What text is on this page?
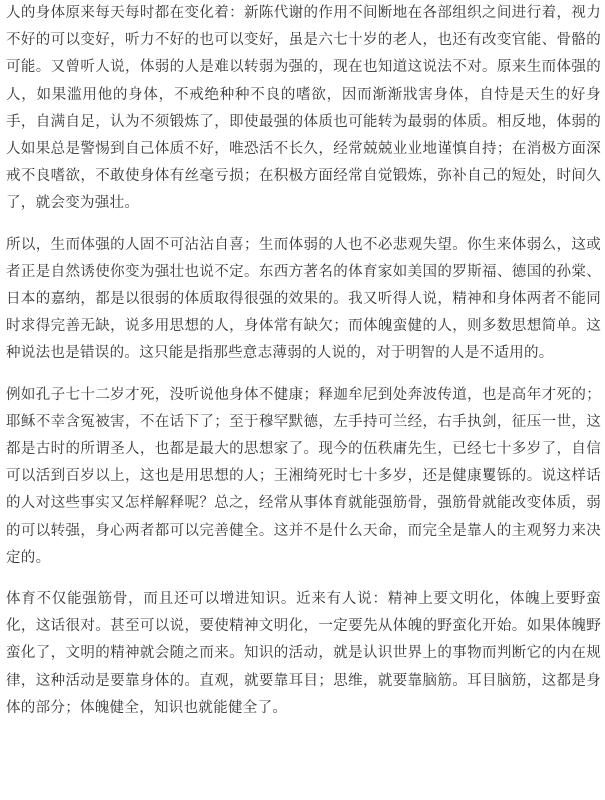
人的身体原来每天每时都在变化着：新陈代谢的作用不间断地在各部组织之间进行着，视力不好的可以变好，听力不好的也可以变好，虽是六七十岁的老人，也还有改变官能、骨骼的可能。又曾听人说，体弱的人是难以转弱为强的，现在也知道这说法不对。原来生而体强的人，如果滥用他的身体，不戒绝种种不良的嗜欲，因而渐渐戕害身体，自恃是天生的好身手，自满自足，认为不须锻炼了，即使最强的体质也可能转为最弱的体质。相反地，体弱的人如果总是警惕到自己体质不好，唯恐活不长久，经常兢兢业业地谨慎自持；在消极方面深戒不良嗜欲，不敢使身体有丝毫亏损；在积极方面经常自觉锻炼，弥补自己的短处，时间久了，就会变为强壮。

所以，生而体强的人固不可沾沾自喜；生而体弱的人也不必悲观失望。你生来体弱么，这或者正是自然诱使你变为强壮也说不定。东西方著名的体育家如美国的罗斯福、德国的孙棠、日本的嘉纳，都是以很弱的体质取得很强的效果的。我又听得人说，精神和身体两者不能同时求得完善无缺，说多用思想的人，身体常有缺欠；而体魄蛮健的人，则多数思想简单。这种说法也是错误的。这只能是指那些意志薄弱的人说的，对于明智的人是不适用的。

例如孔子七十二岁才死，没听说他身体不健康；释迦牟尼到处奔波传道，也是高年才死的；耶稣不幸含冤被害，不在话下了；至于穆罕默德，左手持可兰经，右手执剑，征压一世，这都是古时的所谓圣人，也都是最大的思想家了。现今的伍秩庸先生，已经七十多岁了，自信可以活到百岁以上，这也是用思想的人；王湘绮死时七十多岁，还是健康矍铄的。说这样话的人对这些事实又怎样解释呢？总之，经常从事体育就能强筋骨，强筋骨就能改变体质，弱的可以转强，身心两者都可以完善健全。这并不是什么天命，而完全是靠人的主观努力来决定的。

体育不仅能强筋骨，而且还可以增进知识。近来有人说：精神上要文明化，体魄上要野蛮化，这话很对。甚至可以说，要使精神文明化，一定要先从体魄的野蛮化开始。如果体魄野蛮化了，文明的精神就会随之而来。知识的活动，就是认识世界上的事物而判断它的内在规律，这种活动是要靠身体的。直观，就要靠耳目；思维，就要靠脑筋。耳目脑筋，这都是身体的部分；体魄健全，知识也就能健全了。
